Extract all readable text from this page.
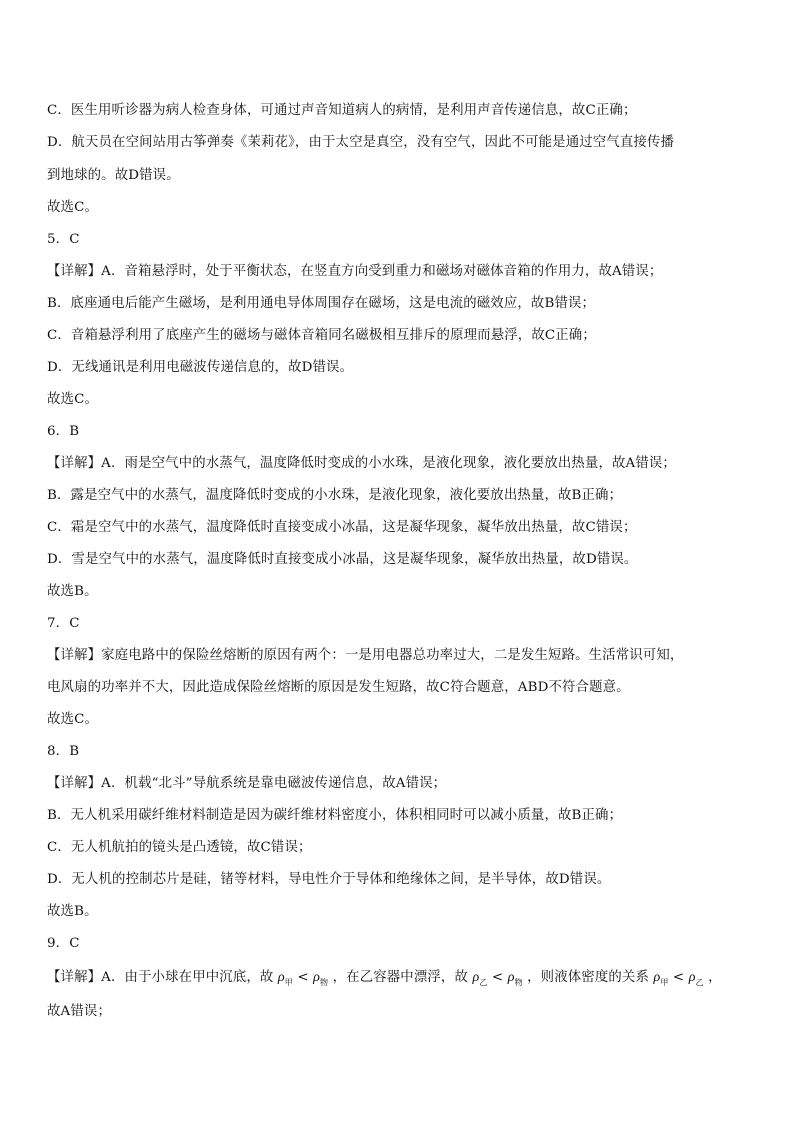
C．医生用听诊器为病人检查身体，可通过声音知道病人的病情，是利用声音传递信息，故C正确；
D．航天员在空间站用古筝弹奏《茉莉花》，由于太空是真空，没有空气，因此不可能是通过空气直接传播
到地球的。故D错误。
故选C。
5．C
【详解】A．音箱悬浮时，处于平衡状态，在竖直方向受到重力和磁场对磁体音箱的作用力，故A错误；
B．底座通电后能产生磁场，是利用通电导体周围存在磁场，这是电流的磁效应，故B错误；
C．音箱悬浮利用了底座产生的磁场与磁体音箱同名磁极相互排斥的原理而悬浮，故C正确；
D．无线通讯是利用电磁波传递信息的，故D错误。
故选C。
6．B
【详解】A．雨是空气中的水蒸气，温度降低时变成的小水珠，是液化现象，液化要放出热量，故A错误；
B．露是空气中的水蒸气，温度降低时变成的小水珠，是液化现象，液化要放出热量，故B正确；
C．霜是空气中的水蒸气，温度降低时直接变成小冰晶，这是凝华现象，凝华放出热量，故C错误；
D．雪是空气中的水蒸气，温度降低时直接变成小冰晶，这是凝华现象，凝华放出热量，故D错误。
故选B。
7．C
【详解】家庭电路中的保险丝熔断的原因有两个：一是用电器总功率过大，二是发生短路。生活常识可知，
电风扇的功率并不大，因此造成保险丝熔断的原因是发生短路，故C符合题意，ABD不符合题意。
故选C。
8．B
【详解】A．机载“北斗”导航系统是靠电磁波传递信息，故A错误；
B．无人机采用碳纤维材料制造是因为碳纤维材料密度小，体积相同时可以减小质量，故B正确；
C．无人机航拍的镜头是凸透镜，故C错误；
D．无人机的控制芯片是硅，锗等材料，导电性介于导体和绝缘体之间，是半导体，故D错误。
故选B。
9．C
【详解】A．由于小球在甲中沉底，故 $\rho_甲 < \rho_物$ ，在乙容器中漂浮，故 $\rho_乙 < \rho_物$ ，则液体密度的关系 $\rho_甲 < \rho_乙$ ，
故A错误；
